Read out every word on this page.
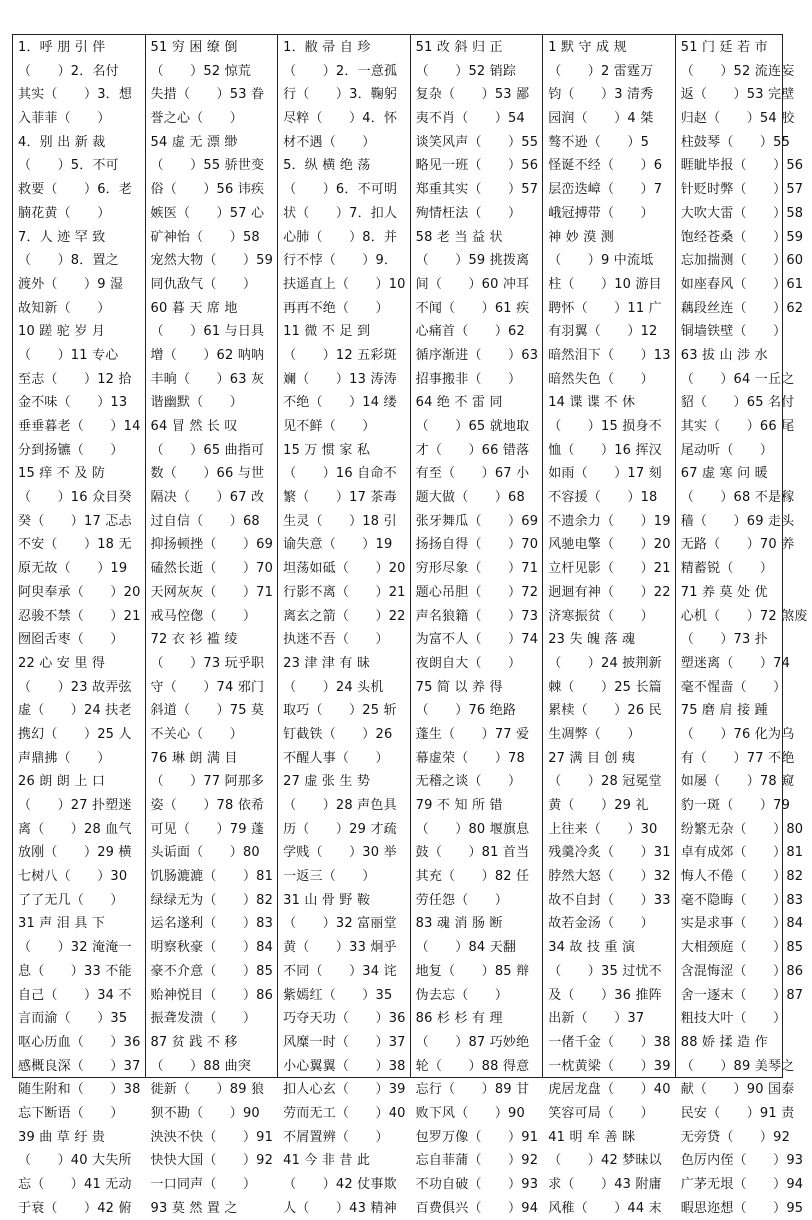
1．呼 朋 引 伴
（　　）2．名付
其实（　　）3．想
入菲菲（　　）
4．别 出 新 裁
（　　）5．不可
救要（　　）6．老
腩花黄（　　）
7．人 迹 罕 致
（　　）8．置之
渡外（　　）9 湿
故知新（　　）
10 蹉 驼 岁 月
（　　）11 专心
至志（　　）12 拾
金不味（　　）13
垂垂暮老（　　）14
分到扬镳（　　）
15 痒 不 及 防
（　　）16 众目癸
癸（　　）17 忑忐
不安（　　）18 无
原无故（　　）19
阿臾奉承（　　）20
忍骏不禁（　　）21
囫囵舌枣（　　）
22 心 安 里 得
（　　）23 故弄弦
虚（　　）24 扶老
携幻（　　）25 人
声鼎拂（　　）
26 朗 朗 上 口
（　　）27 扑塑迷
离（　　）28 血气
放刚（　　）29 横
七树八（　　）30
了了无几（　　）
31 声 泪 具 下
（　　）32 淹淹一
息（　　）33 不能
自己（　　）34 不
言而渝（　　）35
呕心历血（　　）36
感概良深（　　）37
随生附和（　　）38
忘下断语（　　）
39 曲 草 纡 贵
（　　）40 大失所
忘（　　）41 无动
于衰（　　）42 俯
51 穷 困 缭 倒
（　　）52 惊荒
失措（　　）53 眷
誉之心（　　）
54 虚 无 漂 缈
（　　）55 骄世变
俗（　　）56 讳疾
嫉医（　　）57 心
矿神怡（　　）58
宠然大物（　　）59
同仇敌气（　　）
60 暮 天 席 地
（　　）61 与日具
增（　　）62 呐呐
丰晌（　　）63 灰
谐幽默（　　）
64 冒 然 长 叹
（　　）65 曲指可
数（　　）66 与世
隔决（　　）67 改
过自信（　　）68
抑扬顿挫（　　）69
磕然长逝（　　）70
天网灰灰（　　）71
戒马倥偬（　　）
72 衣 衫 褴 绫
（　　）73 玩乎职
守（　　）74 邪门
斜道（　　）75 莫
不关心（　　）
76 琳 朗 满 目
（　　）77 阿那多
姿（　　）78 依希
可见（　　）79 蓬
头诟面（　　）80
饥肠漉漉（　　）81
绿绿无为（　　）82
运名遂利（　　）83
明察秋豪（　　）84
豪不介意（　　）85
贻神悦目（　　）86
振聋发溃（　　）
87 贫 践 不 移
（　　）88 曲突
徙新（　　）89 狼
狈不勘（　　）90
泱泱不快（　　）91
快快大国（　　）92
一口同声（　　）
93 莫 然 置 之
1．敝 帚 自 珍
（　　）2．一意孤
行（　　）3．鞠躬
尽粹（　　）4．怀
材不遇（　　）
5．纵 横 绝 荡
（　　）6．不可明
状（　　）7．扣人
心肺（　　）8．并
行不悖（　　）9．
扶遥直上（　　）10
再再不绝（　　）
11 微 不 足 到
（　　）12 五彩斑
斓（　　）13 涛涛
不绝（　　）14 缕
见不鲜（　　）
15 万 惯 家 私
（　　）16 自命不
繁（　　）17 茶毒
生灵（　　）18 引
谕失意（　　）19
坦荡如砥（　　）20
行影不离（　　）21
离玄之箭（　　）22
执迷不吾（　　）
23 津 津 有 昧
（　　）24 头机
取巧（　　）25 斩
钉截铁（　　）26
不醒人事（　　）
27 虚 张 生 势
（　　）28 声色具
历（　　）29 才疏
学贱（　　）30 举
一返三（　　）
31 山 骨 野 鞍
（　　）32 富丽堂
黄（　　）33 炯乎
不同（　　）34 诧
紫嫣红（　　）35
巧夺天功（　　）36
风糜一时（　　）37
小心翼翼（　　）38
扣人心玄（　　）39
劳而无工（　　）40
不屑置辨（　　）
41 今 非 昔 此
（　　）42 仗事欺
人（　　）43 精神
51 改 斜 归 正
（　　）52 销踪
复杂（　　）53 鄙
夷不肖（　　）54
谈笑风声（　　）55
略见一班（　　）56
郑重其实（　　）57
殉情枉法（　　）
58 老 当 益 状
（　　）59 挑拨离
间（　　）60 冲耳
不闻（　　）61 疾
心痛首（　　）62
循序渐进（　　）63
招事搬非（　　）
64 绝 不 雷 同
（　　）65 就地取
才（　　）66 错落
有至（　　）67 小
题大做（　　）68
张牙舞瓜（　　）69
扬扬自得（　　）70
穷形尽象（　　）71
题心吊胆（　　）72
声名狼籍（　　）73
为富不人（　　）74
夜朗自大（　　）
75 简 以 养 得
（　　）76 绝路
蓬生（　　）77 爱
幕虚荣（　　）78
无稽之谈（　　）
79 不 知 所 错
（　　）80 堰旗息
鼓（　　）81 首当
其充（　　）82 任
劳任怨（　　）
83 魂 消 肠 断
（　　）84 天翻
地复（　　）85 辩
伪去忘（　　）
86 杉 杉 有 理
（　　）87 巧妙绝
轮（　　）88 得意
忘行（　　）89 甘
败下风（　　）90
包罗万像（　　）91
忘自菲蒲（　　）92
不功自破（　　）93
百费俱兴（　　）94
1 默 守 成 规
（　　）2 雷霆万
钧（　　）3 清秀
园润（　　）4 桀
骜不逊（　　）5
怪诞不经（　　）6
层峦迭嶂（　　）7
峨冠搏带（　　）
神 妙 漠 测
（　　）9 中流坻
柱（　　）10 游目
聘怀（　　）11 广
有羽翼（　　）12
暗然泪下（　　）13
暗然失色（　　）
14 谍 谍 不 休
（　　）15 损身不
恤（　　）16 挥汉
如雨（　　）17 刻
不容援（　　）18
不遗余力（　　）19
风驰电擎（　　）20
立杆见影（　　）21
迥迴有神（　　）22
济寒振贫（　　）
23 失 魄 落 魂
（　　）24 披荆新
棘（　　）25 长篇
累椟（　　）26 民
生凋弊（　　）
27 满 目 创 痍
（　　）28 冠冕堂
黄（　　）29 礼
上往来（　　）30
残羹冷炙（　　）31
脖然大怒（　　）32
故不自封（　　）33
故若金汤（　　）
34 故 技 重 演
（　　）35 过忧不
及（　　）36 推阵
出新（　　）37
一偖千金（　　）38
一枕黄梁（　　）39
虎居龙盘（　　）40
笑容可局（　　）
41 明 牟 善 眯
（　　）42 梦昧以
求（　　）43 附庸
风稚（　　）44 末
51 门 廷 若 市
（　　）52 流连妄
返（　　）53 完壁
归赵（　　）54 胶
柱鼓琴（　　）55
睚眦毕报（　　）56
针贬时弊（　　）57
大吹大雷（　　）58
饱经苍桑（　　）59
忘加揣测（　　）60
如座春风（　　）61
藕段丝连（　　）62
铜墙铁壁（　　）
63 拔 山 涉 水
（　　）64 一丘之
貂（　　）65 名付
其实（　　）66 尾
尾动听（　　）
67 虚 寒 问 暖
（　　）68 不是稼
穑（　　）69 走头
无路（　　）70 养
精蓄锐（　　）
71 养 莫 处 优
心机（　　）72 煞废
（　　）73 扑
塑迷离（　　）74
毫不惺啬（　　）
75 磨 肩 接 踵
（　　）76 化为乌
有（　　）77 不绝
如屡（　　）78 窥
豹一斑（　　）79
纷繁无杂（　　）80
卓有成郊（　　）81
悔人不倦（　　）82
毫不隐晦（　　）83
实是求事（　　）84
大相颈庭（　　）85
含混悔涩（　　）86
舍一逐末（　　）87
粗技大叶（　　）
88 娇 揉 造 作
（　　）89 美琴之
献（　　）90 国泰
民安（　　）91 责
无旁贷（　　）92
色厉内侄（　　）93
广茅无垠（　　）94
暇思迩想（　　）95
